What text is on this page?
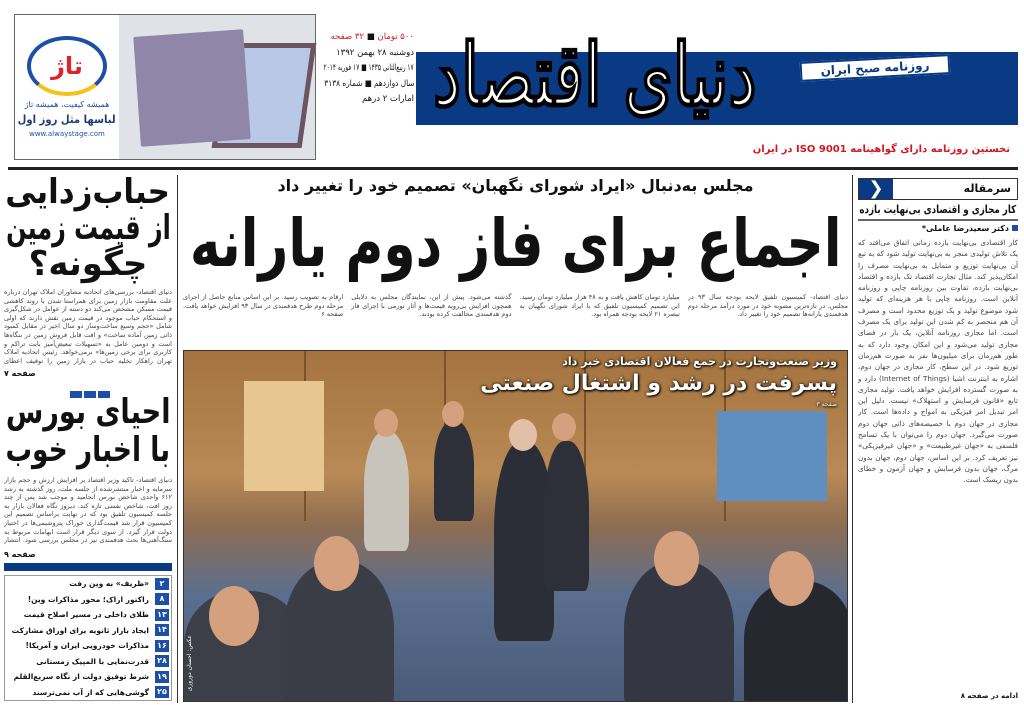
تاژ
همیشه کیفیت، همیشه تاژ
لباسها مثل روز اول
www.alwaystage.com
۵۰۰ تومان ■ ۳۲ صفحه
دوشنبه ۲۸ بهمن ۱۳۹۲
۱۷ ربیع‌الثانی ۱۴۳۵ ■ ۱۷ فوریه ۲۰۱۴
سال دوازدهم ■ شماره ۳۱۳۸
امارات ۲ درهم دنیای اقتصاد	روزنامه صبح ایران
نخستین روزنامه دارای گواهینامه ISO 9001 در ایران
مجلس به‌دنبال «ایراد شورای نگهبان» تصمیم خود را تغییر داد
اجماع برای فاز دوم یارانه

دنیای اقتصاد- کمیسیون تلفیق لایحه بودجه سال ۹۳ در مجلس، در تازه‌ترین مصوبه خود در مورد درآمد مرحله دوم هدفمندی یارانه‌ها تصمیم خود را تغییر داد.

میلیارد تومان کاهش یافت و به ۴۸ هزار میلیارد تومان رسید. این تصمیم کمیسیون تلفیق که با ایراد شورای نگهبان به تبصره ۲۱ لایحه بودجه همراه بود.

گذشته می‌شود. پیش از این، نمایندگان مجلس به دلایلی همچون افزایش بی‌رویه قیمت‌ها و آثار تورمی با اجرای فاز دوم هدفمندی مخالفت کرده بودند.

ارقام به تصویب رسید. بر این اساس منابع حاصل از اجرای مرحله دوم طرح هدفمندی در سال ۹۳ افزایش خواهد یافت. صفحه ۶

وزیر صنعت‌وتجارت در جمع فعالان اقتصادی خبر داد
پسرفت در رشد و اشتغال صنعتی
صفحه ۳
عکس: احسان دوروزی
حباب‌زدایی
از قیمت زمین
چگونه؟
دنیای اقتصاد- بررسی‌های اتحادیه مشاوران املاک تهران درباره علت مقاومت بازار زمین برای همراستا شدن با روند کاهشی قیمت مسکن مشخص می‌کند دو دسته از عوامل در شکل‌گیری و استحکام حباب موجود در قیمت زمین نقش دارند که اولی شامل «حجم وسیع ساخت‌وساز دو سال اخیر در مقابل کمبود ذاتی زمین آماده ساخت» و افت قابل فروش زمین در بنگاه‌ها است و دومین عامل به «تسهیلات تبعیض‌آمیز بابت تراکم و کاربری برای برخی زمین‌ها» برمی‌خواهد. رئیس اتحادیه املاک تهران راهکار تخلیه حباب در بازار زمین را توقیف اعطای
صفحه ۷
احیای بورس
با اخبار خوب
دنیای اقتصاد- تاکید وزیر اقتصاد بر افزایش ارزش و حجم بازار سرمایه و اخبار منتشرشده از جلسه ملت، روز گذشته به رشد ۶۱۲ واحدی شاخص بورس انجامید و موجب شد پس از چند روز افت، شاخص نفسی تازه کند. دیروز نگاه فعالان بازار به جلسه کمیسیون تلفیق بود که در نهایت براساس تصمیم این کمیسیون قرار شد قیمت‌گذاری خوراک پتروشیمی‌ها در اختیار دولت قرار گیرد. از سوی دیگر قرار است ابهامات مربوط به سنگ‌آهنی‌ها بحث هدفمندی نیز در مجلس بررسی شود. انتشار
صفحه ۹
۲
«ظریف» به وین رفت
۸
راکتور اراک؛ محور مذاکرات وین!
۱۳
طلای داخلی در مسیر اصلاح قیمت
۱۴
ایجاد بازار ثانویه برای اوراق مشارکت
۱۶
مذاکرات خودرویی ایران و آمریکا!
۲۸
قدرت‌نمایی با المپیک زمستانی
۱۹
شرط توفیق دولت از نگاه سریع‌القلم
۲۵
گوشی‌هایی که از آب نمی‌ترسند
سرمقاله
❮
کار مجازی و اقتصادی بی‌نهایت بازده
دکتر سعیدرضا عاملی*
کار اقتصادی بی‌نهایت بازده زمانی اتفاق می‌افتد که یک تلاش تولیدی منجر به بی‌نهایت تولید شود که به تبع آن بی‌نهایت توزیع و متمایل به بی‌نهایت مصرف را امکان‌پذیر کند. مثال تجارت اقتصاد تک بازده و اقتصاد بی‌نهایت بازده، تفاوت بین روزنامه چاپی و روزنامه آنلاین است. روزنامه چاپی با هر هزینه‌ای که تولید شود موضوع تولید و یک توزیع محدود است و مصرف آن هم منحصر به کم شدن این تولید برای یک مصرف است. اما مجازی روزنامه آنلاین، یک بار در فضای مجازی تولید می‌شود و این امکان وجود دارد که به طور هم‌زمان برای میلیون‌ها نفر به صورت هم‌زمان توزیع شود. در این سطح، کار مجازی در جهان دوم، اشاره به اینترنت اشیا (Internet of Things) دارد و به صورت گسترده افزایش خواهد یافت. تولید مجازی تابع «قانون فرسایش و استهلاک» نیست. دلیل این امر تبدیل امر فیزیکی به امواج و داده‌ها است. کار مجازی در جهان دوم با خصیصه‌های ذاتی جهان دوم صورت می‌گیرد. جهان دوم را می‌توان با یک تسامح فلسفی به «جهان غیرطبیعت» و «جهان غیرفیزیکی» نیز تعریف کرد. بر این اساس، جهان دوم، جهان بدون مرگ، جهان بدون فرسایش و جهان آزمون و خطای بدون ریسک است.
ادامه در صفحه ۸
